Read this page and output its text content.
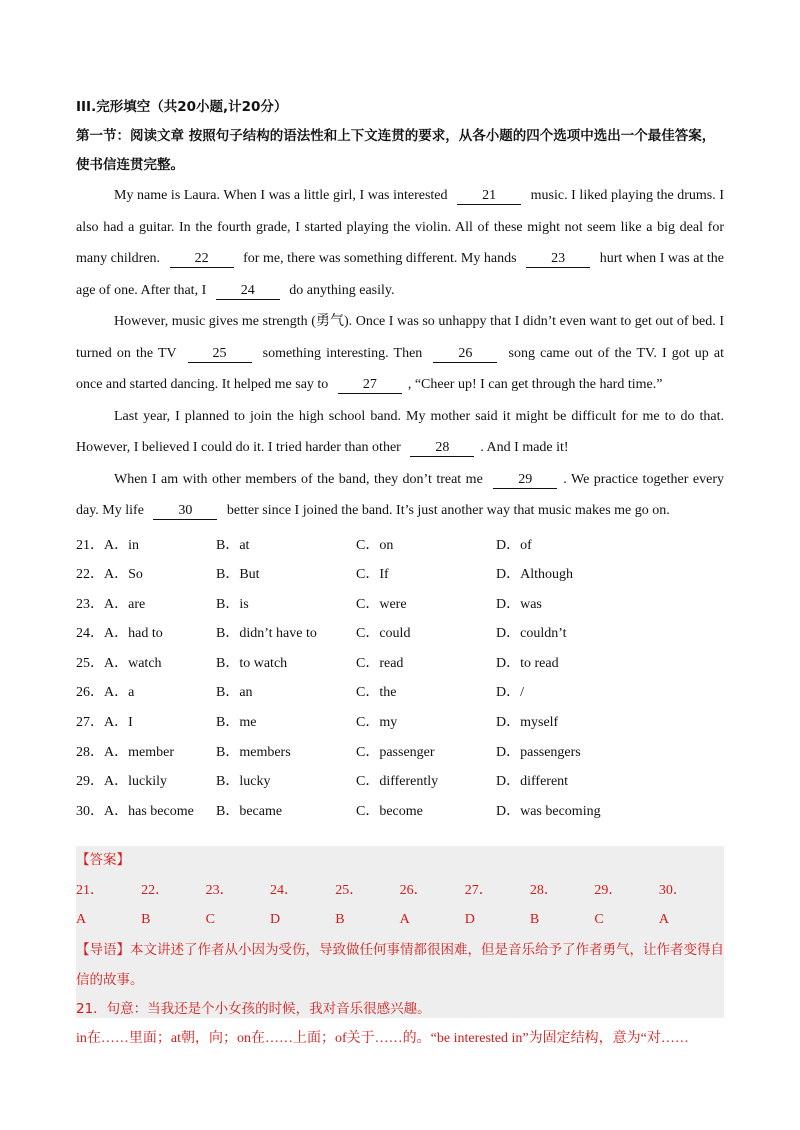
III.完形填空（共20小题,计20分）

第一节：阅读文章 按照句子结构的语法性和上下文连贯的要求，从各小题的四个选项中选出一个最佳答案，使书信连贯完整。

My name is Laura. When I was a little girl, I was interested 21 music. I liked playing the drums. I also had a guitar. In the fourth grade, I started playing the violin. All of these might not seem like a big deal for many children. 22 for me, there was something different. My hands 23 hurt when I was at the age of one. After that, I 24 do anything easily.

However, music gives me strength (勇气). Once I was so unhappy that I didn’t even want to get out of bed. I turned on the TV 25 something interesting. Then 26 song came out of the TV. I got up at once and started dancing. It helped me say to 27 , “Cheer up! I can get through the hard time.”

Last year, I planned to join the high school band. My mother said it might be difficult for me to do that. However, I believed I could do it. I tried harder than other 28 . And I made it!

When I am with other members of the band, they don’t treat me 29 . We practice together every day. My life 30 better since I joined the band. It’s just another way that music makes me go on.

21．A．in	B．at	C．on	D．of
22．A．So	B．But	C．If	D．Although
23．A．are	B．is	C．were	D．was
24．A．had to	B．didn’t have to	C．could	D．couldn’t
25．A．watch	B．to watch	C．read	D．to read
26．A．a	B．an	C．the	D．/
27．A．I	B．me	C．my	D．myself
28．A．member	B．members	C．passenger	D．passengers
29．A．luckily	B．lucky	C．differently	D．different
30．A．has become	B．became	C．become	D．was becoming

【答案】

21．A
22．B
23．C
24．D
25．B
26．A
27．D
28．B
29．C
30．A

【导语】本文讲述了作者从小因为受伤，导致做任何事情都很困难，但是音乐给予了作者勇气，让作者变得自信的故事。

21．句意：当我还是个小女孩的时候，我对音乐很感兴趣。

in在……里面；at朝，向；on在……上面；of关于……的。“be interested in”为固定结构，意为“对……
